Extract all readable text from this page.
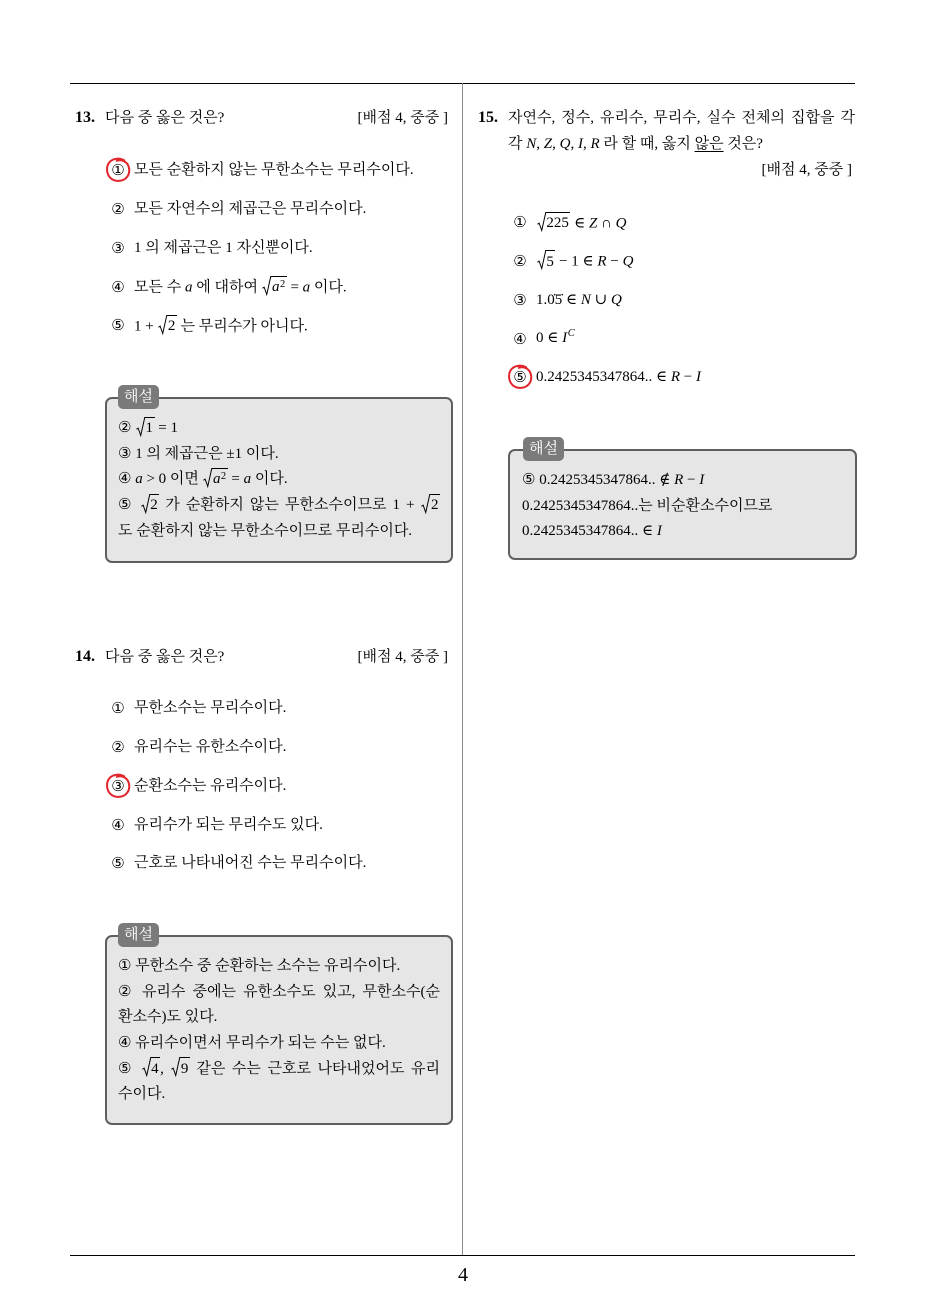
13. 다음 중 옳은 것은?	[배점 4, 중중 ]
① 모든 순환하지 않는 무한소수는 무리수이다.
② 모든 자연수의 제곱근은 무리수이다.
③ 1 의 제곱근은 1 자신뿐이다.
④ 모든 수 a 에 대하여
$a^2 = a$ 이다.
⑤ 1 +
2 는 무리수가 아니다.
해설
②
1 = 1
③ 1 의 제곱근은 ±1 이다.
④ a > 0 이면
$a^2 = a$ 이다.
⑤
2 가 순환하지 않는 무한소수이므로 1 +
2
도 순환하지 않는 무한소수이므로 무리수이다.
14. 다음 중 옳은 것은?	[배점 4, 중중 ]
① 무한소수는 무리수이다.
② 유리수는 유한소수이다.
③ 순환소수는 유리수이다.
④ 유리수가 되는 무리수도 있다.
⑤ 근호로 나타내어진 수는 무리수이다.
해설
① 무한소수 중 순환하는 소수는 유리수이다.
② 유리수 중에는 유한소수도 있고, 무한소수(순
환소수)도 있다.
④ 유리수이면서 무리수가 되는 수는 없다.
⑤
4 ,
9 같은 수는 근호로 나타내었어도 유리
수이다.
15. 자연수, 정수, 유리수, 무리수, 실수 전체의 집합을 각
각 N, Z, Q, I, R 라 할 때, 옳지 않은 것은?
[배점 4, 중중 ]
①	225 ∈ Z ∩ Q
②	5 − 1 ∈ R − Q
③ 1.0̇5̇ ∈ N ∪ Q
④ 0 ∈ $I^C$
⑤ 0.2425345347864.. ∈ R − I
해설
⑤ 0.2425345347864.. ∉ R − I
0.2425345347864..는 비순환소수이므로
0.2425345347864.. ∈ I
4
